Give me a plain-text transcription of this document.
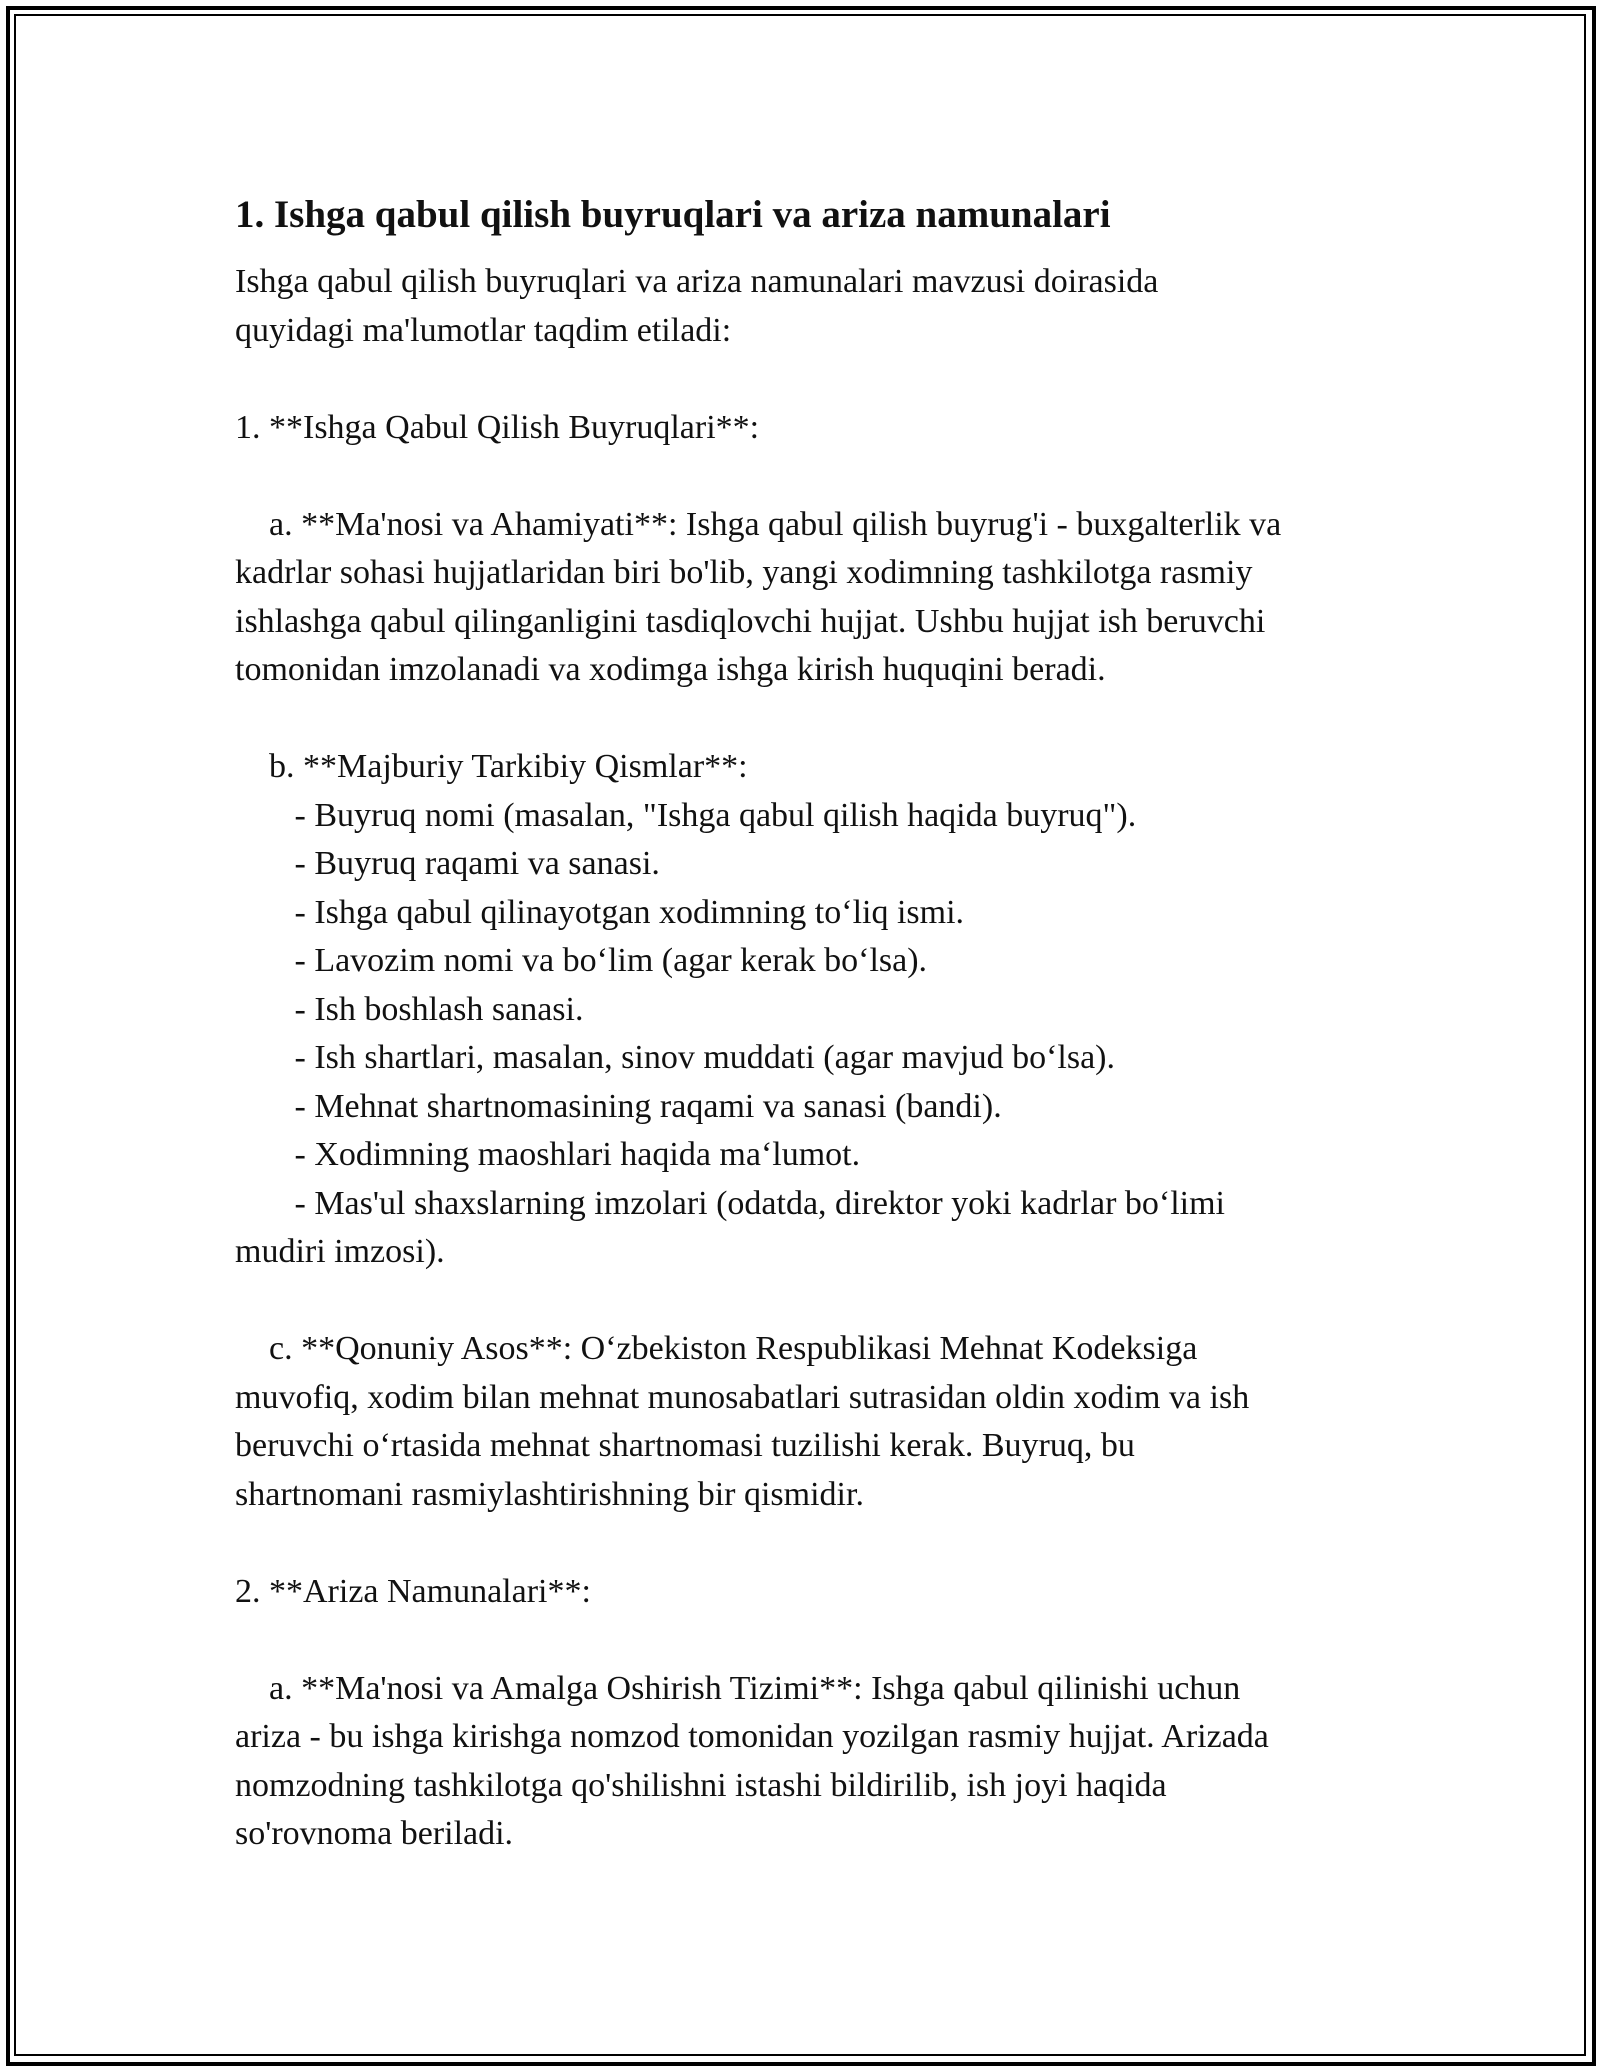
1. Ishga qabul qilish buyruqlari va ariza namunalari
Ishga qabul qilish buyruqlari va ariza namunalari mavzusi doirasida
quyidagi ma'lumotlar taqdim etiladi:
1. **Ishga Qabul Qilish Buyruqlari**:
a. **Ma'nosi va Ahamiyati**: Ishga qabul qilish buyrug'i - buxgalterlik va
kadrlar sohasi hujjatlaridan biri bo'lib, yangi xodimning tashkilotga rasmiy
ishlashga qabul qilinganligini tasdiqlovchi hujjat. Ushbu hujjat ish beruvchi
tomonidan imzolanadi va xodimga ishga kirish huquqini beradi.
b. **Majburiy Tarkibiy Qismlar**:
- Buyruq nomi (masalan, "Ishga qabul qilish haqida buyruq").
- Buyruq raqami va sanasi.
- Ishga qabul qilinayotgan xodimning to‘liq ismi.
- Lavozim nomi va bo‘lim (agar kerak bo‘lsa).
- Ish boshlash sanasi.
- Ish shartlari, masalan, sinov muddati (agar mavjud bo‘lsa).
- Mehnat shartnomasining raqami va sanasi (bandi).
- Xodimning maoshlari haqida ma‘lumot.
- Mas'ul shaxslarning imzolari (odatda, direktor yoki kadrlar bo‘limi
mudiri imzosi).
c. **Qonuniy Asos**: O‘zbekiston Respublikasi Mehnat Kodeksiga
muvofiq, xodim bilan mehnat munosabatlari sutrasidan oldin xodim va ish
beruvchi o‘rtasida mehnat shartnomasi tuzilishi kerak. Buyruq, bu
shartnomani rasmiylashtirishning bir qismidir.
2. **Ariza Namunalari**:
a. **Ma'nosi va Amalga Oshirish Tizimi**: Ishga qabul qilinishi uchun
ariza - bu ishga kirishga nomzod tomonidan yozilgan rasmiy hujjat. Arizada
nomzodning tashkilotga qo'shilishni istashi bildirilib, ish joyi haqida
so'rovnoma beriladi.
